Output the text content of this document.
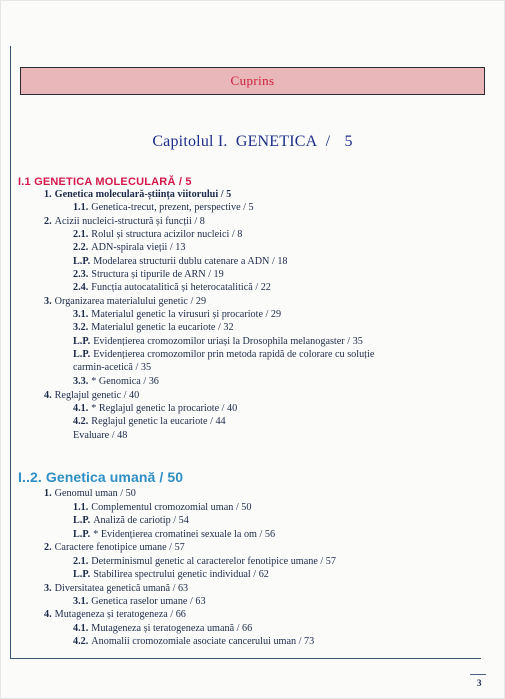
Cuprins
Capitolul I. GENETICA / 5
I.1 GENETICA MOLECULARĂ / 5
I..2. Genetica umană / 50
1. Genetica moleculară-știința viitorului / 5
1.1. Genetica-trecut, prezent, perspective / 5
2. Acizii nucleici-structură și funcții / 8
2.1. Rolul și structura acizilor nucleici / 8
2.2. ADN-spirala vieții / 13
L.P. Modelarea structurii dublu catenare a ADN / 18
2.3. Structura și tipurile de ARN / 19
2.4. Funcția autocatalitică și heterocatalitică / 22
3. Organizarea materialului genetic / 29
3.1. Materialul genetic la virusuri și procariote / 29
3.2. Materialul genetic la eucariote / 32
L.P. Evidențierea cromozomilor uriași la Drosophila melanogaster / 35
L.P. Evidențierea cromozomilor prin metoda rapidă de colorare cu soluție
carmin-acetică / 35
3.3. * Genomica / 36
4. Reglajul genetic / 40
4.1. * Reglajul genetic la procariote / 40
4.2. Reglajul genetic la eucariote / 44
Evaluare / 48
1. Genomul uman / 50
1.1. Complementul cromozomial uman / 50
L.P. Analiză de cariotip / 54
L.P. * Evidențierea cromatinei sexuale la om / 56
2. Caractere fenotipice umane / 57
2.1. Determinismul genetic al caracterelor fenotipice umane / 57
L.P. Stabilirea spectrului genetic individual / 62
3. Diversitatea genetică umană / 63
3.1. Genetica raselor umane / 63
4. Mutageneza și teratogeneza / 66
4.1. Mutageneza și teratogeneza umană / 66
4.2. Anomalii cromozomiale asociate cancerului uman / 73
3
